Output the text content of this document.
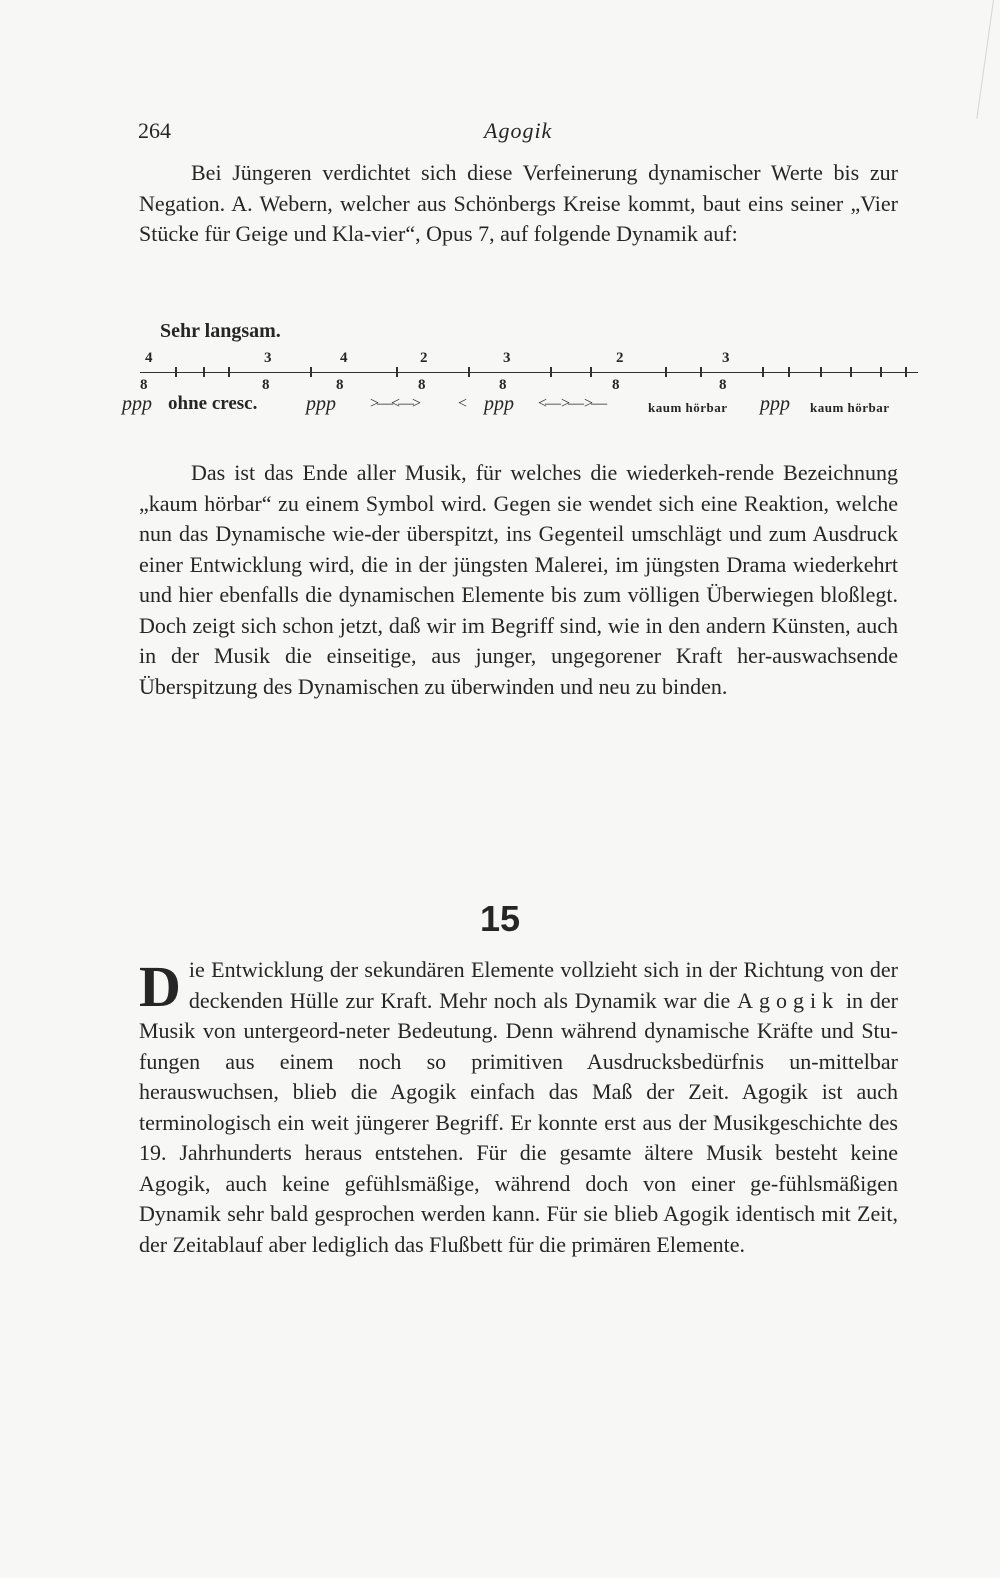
264	Agogik
Bei Jüngeren verdichtet sich diese Verfeinerung dynamischer Werte bis zur Negation. A. Webern, welcher aus Schönbergs Kreise kommt, baut eins seiner „Vier Stücke für Geige und Kla-vier“, Opus 7, auf folgende Dynamik auf:
Sehr langsam.
4
8
3
8
4
8
2
8
3
8
2
8
3
8
ppp ohne cresc. ppp >—<—> < ppp <— >— >—	kaum hörbar ppp kaum hörbar
Das ist das Ende aller Musik, für welches die wiederkeh-rende Bezeichnung „kaum hörbar“ zu einem Symbol wird. Gegen sie wendet sich eine Reaktion, welche nun das Dynamische wie-der überspitzt, ins Gegenteil umschlägt und zum Ausdruck einer Entwicklung wird, die in der jüngsten Malerei, im jüngsten Drama wiederkehrt und hier ebenfalls die dynamischen Elemente bis zum völligen Überwiegen bloßlegt. Doch zeigt sich schon jetzt, daß wir im Begriff sind, wie in den andern Künsten, auch in der Musik die einseitige, aus junger, ungegorener Kraft her-auswachsende Überspitzung des Dynamischen zu überwinden und neu zu binden.
15
Die Entwicklung der sekundären Elemente vollzieht sich in der Richtung von der deckenden Hülle zur Kraft. Mehr noch als Dynamik war die Agogik in der Musik von untergeord-neter Bedeutung. Denn während dynamische Kräfte und Stu-fungen aus einem noch so primitiven Ausdrucksbedürfnis un-mittelbar herauswuchsen, blieb die Agogik einfach das Maß der Zeit. Agogik ist auch terminologisch ein weit jüngerer Begriff. Er konnte erst aus der Musikgeschichte des 19. Jahrhunderts heraus entstehen. Für die gesamte ältere Musik besteht keine Agogik, auch keine gefühlsmäßige, während doch von einer ge-fühlsmäßigen Dynamik sehr bald gesprochen werden kann. Für sie blieb Agogik identisch mit Zeit, der Zeitablauf aber lediglich das Flußbett für die primären Elemente.
